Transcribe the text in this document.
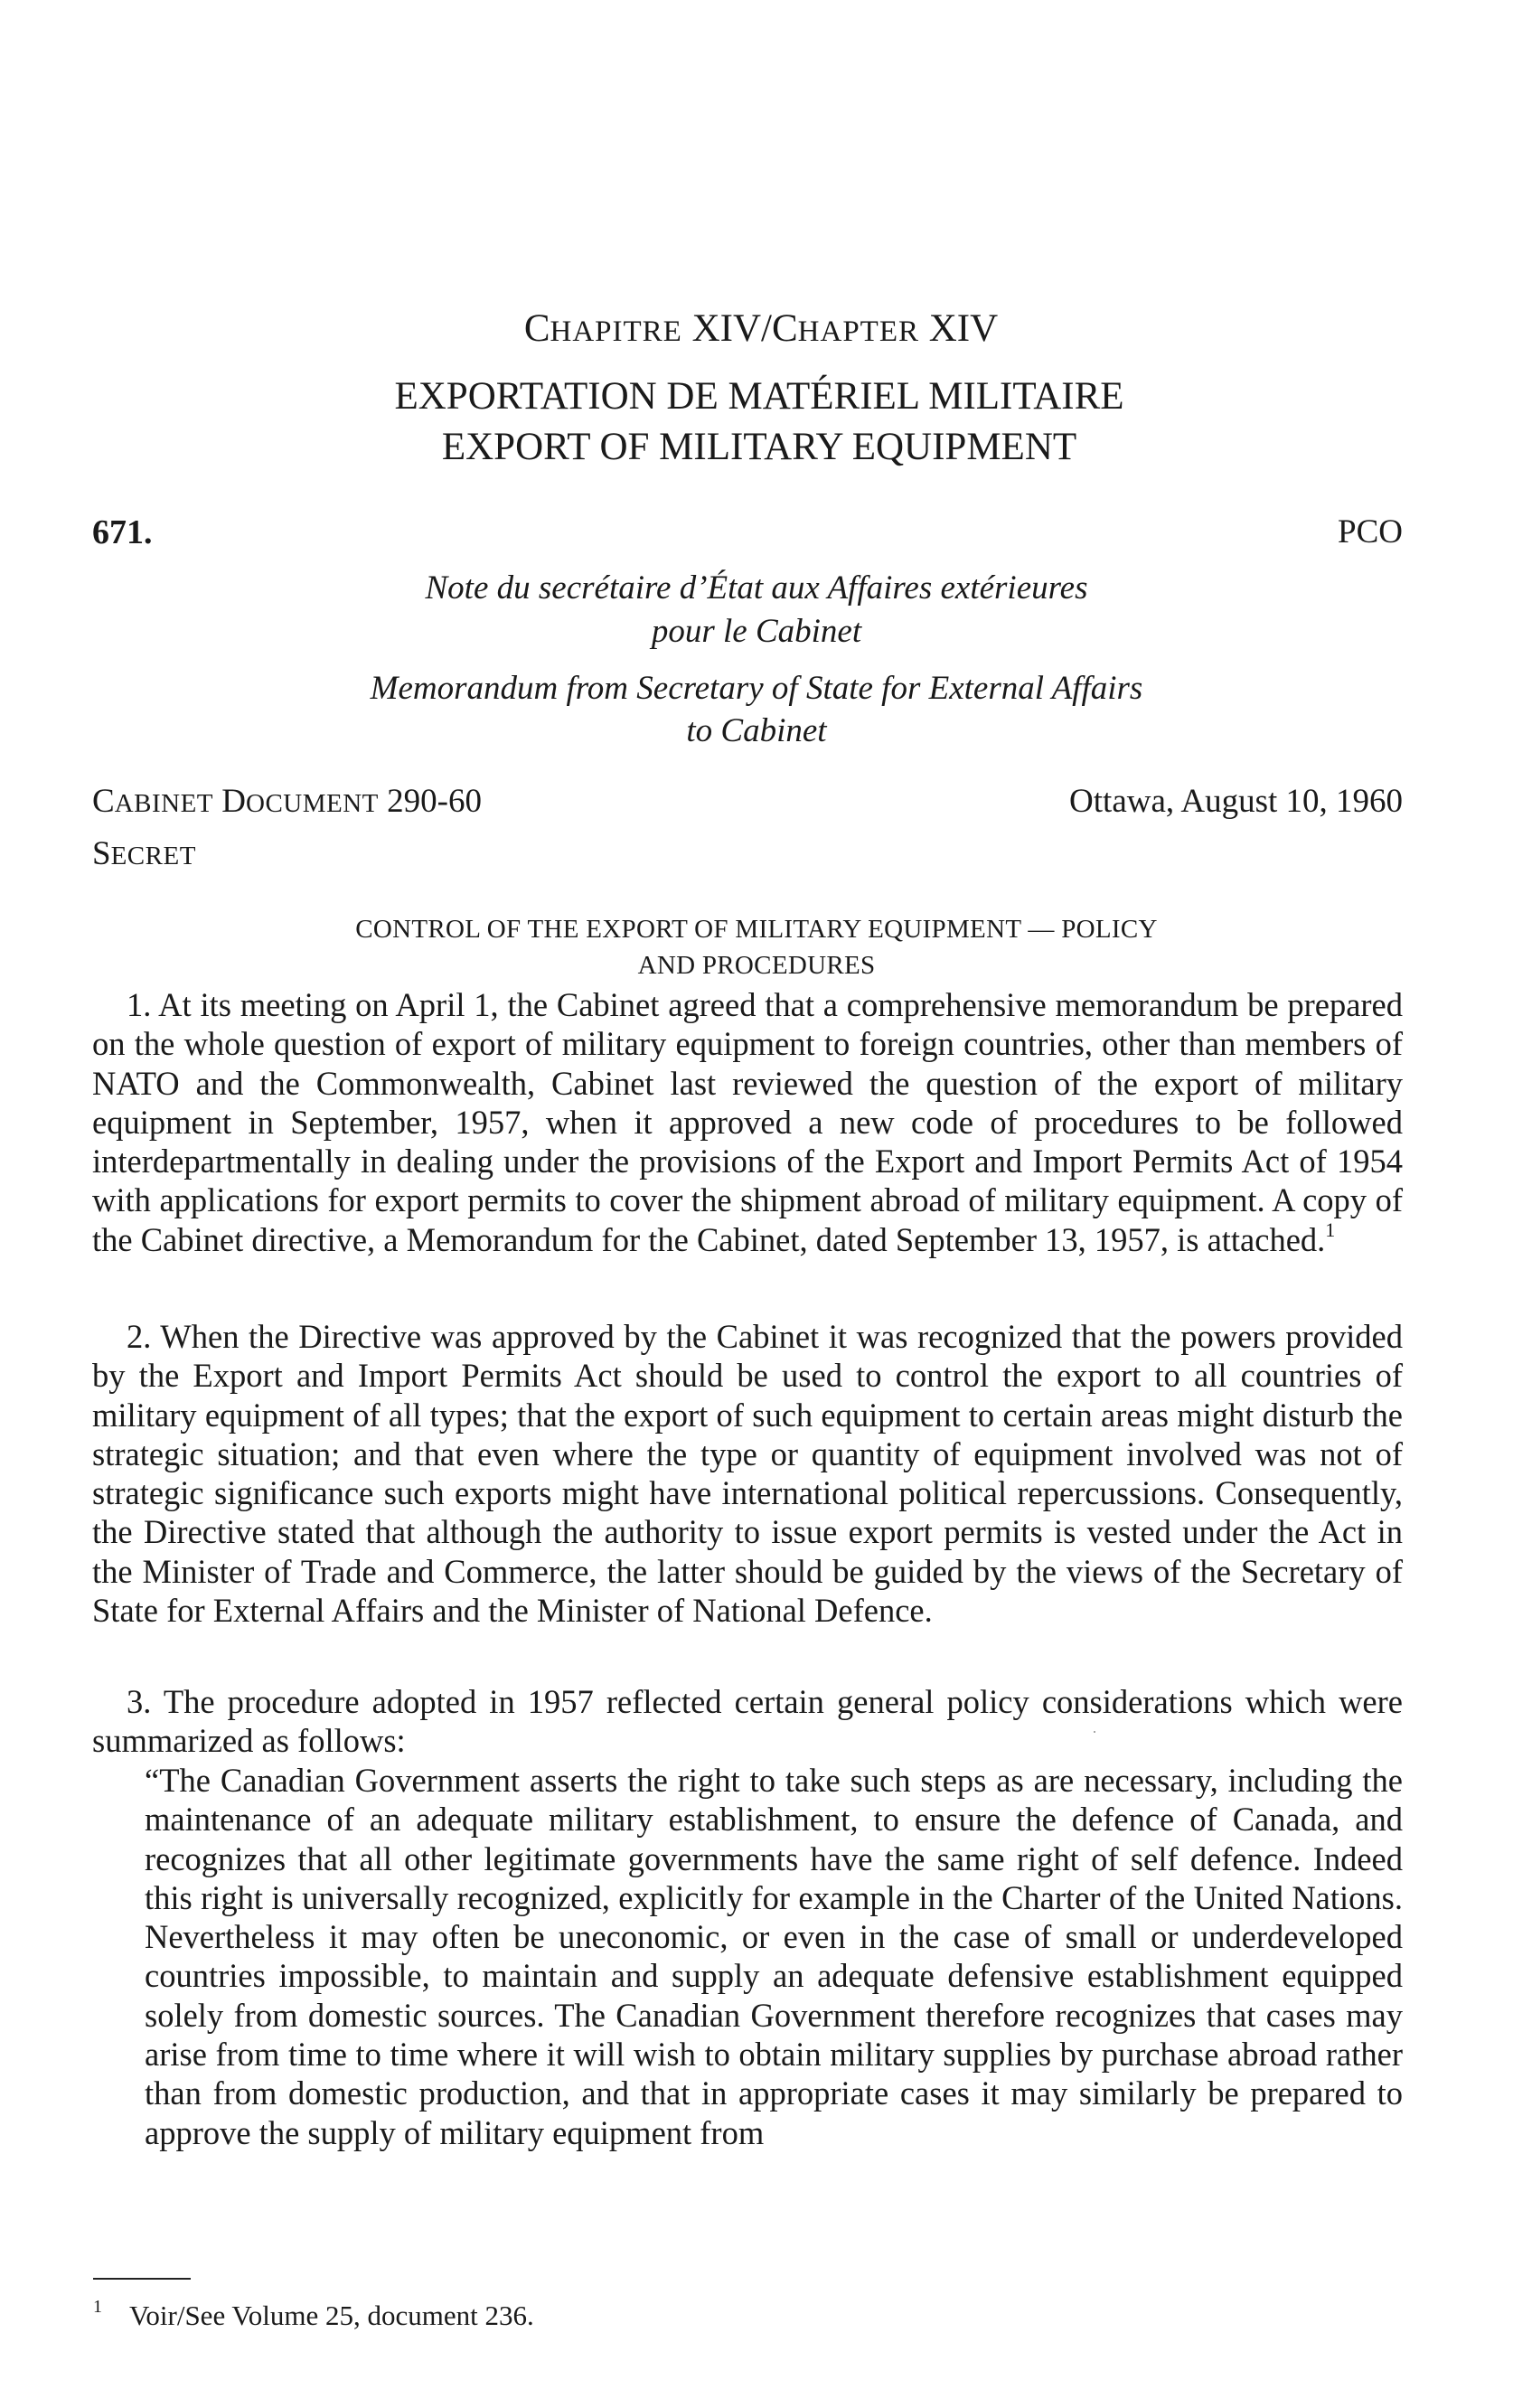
CHAPITRE XIV/CHAPTER XIV
EXPORTATION DE MATÉRIEL MILITAIRE
EXPORT OF MILITARY EQUIPMENT
671.	PCO
Note du secrétaire d’État aux Affaires extérieures
pour le Cabinet
Memorandum from Secretary of State for External Affairs
to Cabinet
CABINET DOCUMENT 290-60
SECRET
Ottawa, August 10, 1960
CONTROL OF THE EXPORT OF MILITARY EQUIPMENT — POLICY
AND PROCEDURES

1. At its meeting on April 1, the Cabinet agreed that a comprehensive memorandum be prepared on the whole question of export of military equipment to foreign countries, other than members of NATO and the Commonwealth, Cabinet last reviewed the question of the export of military equipment in September, 1957, when it approved a new code of procedures to be followed interdepartmentally in dealing under the provisions of the Export and Import Permits Act of 1954 with applications for export permits to cover the shipment abroad of military equipment. A copy of the Cabinet directive, a Memorandum for the Cabinet, dated September 13, 1957, is attached.$^1$

2. When the Directive was approved by the Cabinet it was recognized that the powers provided by the Export and Import Permits Act should be used to control the export to all countries of military equipment of all types; that the export of such equipment to certain areas might disturb the strategic situation; and that even where the type or quantity of equipment involved was not of strategic significance such exports might have international political repercussions. Consequently, the Directive stated that although the authority to issue export permits is vested under the Act in the Minister of Trade and Commerce, the latter should be guided by the views of the Secretary of State for External Affairs and the Minister of National Defence.

3. The procedure adopted in 1957 reflected certain general policy considerations which were summarized as follows:

“The Canadian Government asserts the right to take such steps as are necessary, including the maintenance of an adequate military establishment, to ensure the defence of Canada, and recognizes that all other legitimate governments have the same right of self defence. Indeed this right is universally recognized, explicitly for example in the Charter of the United Nations. Nevertheless it may often be uneconomic, or even in the case of small or underdeveloped countries impossible, to maintain and supply an adequate defensive establishment equipped solely from domestic sources. The Canadian Government therefore recognizes that cases may arise from time to time where it will wish to obtain military supplies by purchase abroad rather than from domestic production, and that in appropriate cases it may similarly be prepared to approve the supply of military equipment from

$^1$ Voir/See Volume 25, document 236.
